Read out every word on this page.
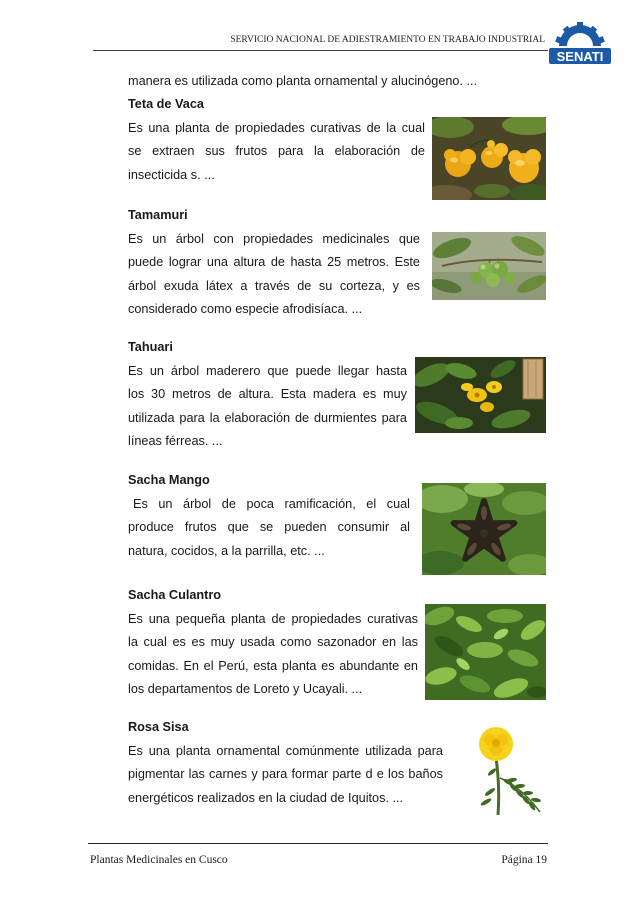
SERVICIO NACIONAL DE ADIESTRAMIENTO EN TRABAJO INDUSTRIAL
SENATI
manera es utilizada como planta ornamental y alucinógeno. ...
Teta de Vaca
Es una planta de propiedades curativas de la cual
se extraen sus frutos para la elaboración de
insecticida s. ...
Tamamuri
Es un árbol con propiedades medicinales que
puede lograr una altura de hasta 25 metros. Este
árbol exuda látex a través de su corteza, y es
considerado como especie afrodisíaca. ...
Tahuari
Es un árbol maderero que puede llegar hasta
los 30 metros de altura. Esta madera es muy
utilizada para la elaboración de durmientes para
líneas férreas. ...
Sacha Mango
Es un árbol de poca ramificación, el cual
produce frutos que se pueden consumir al
natura, cocidos, a la parrilla, etc. ...
Sacha Culantro
Es una pequeña planta de propiedades curativas
la cual es es muy usada como sazonador en las
comidas. En el Perú, esta planta es abundante en
los departamentos de Loreto y Ucayali. ...
Rosa Sisa
Es una planta ornamental comúnmente utilizada para
pigmentar las carnes y para formar parte d e los baños
energéticos realizados en la ciudad de Iquitos. ...
Plantas Medicinales en Cusco	Página 19
